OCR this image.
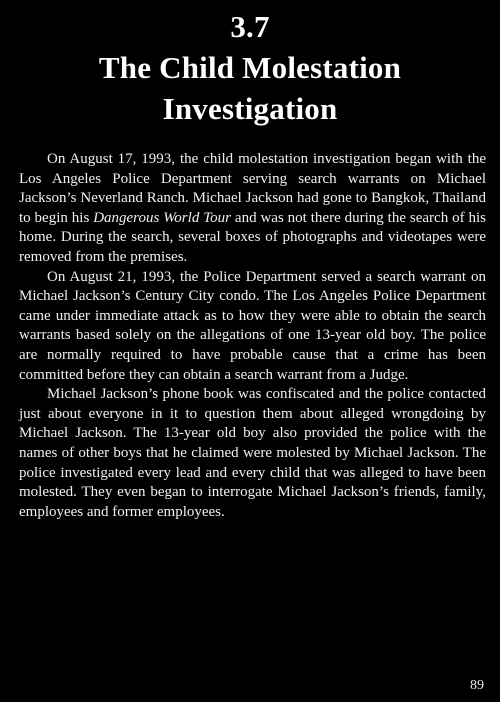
3.7
The Child Molestation
Investigation

On August 17, 1993, the child molestation investigation began with the Los Angeles Police Department serving search warrants on Michael Jackson’s Neverland Ranch. Michael Jackson had gone to Bangkok, Thailand to begin his Dangerous World Tour and was not there during the search of his home. During the search, several boxes of photographs and videotapes were removed from the premises.

On August 21, 1993, the Police Department served a search warrant on Michael Jackson’s Century City condo. The Los Angeles Police Department came under immediate attack as to how they were able to obtain the search warrants based solely on the allegations of one 13-year old boy. The police are normally required to have probable cause that a crime has been committed before they can obtain a search warrant from a Judge.

Michael Jackson’s phone book was confiscated and the police contacted just about everyone in it to question them about alleged wrongdoing by Michael Jackson. The 13-year old boy also provided the police with the names of other boys that he claimed were molested by Michael Jackson. The police investigated every lead and every child that was alleged to have been molested. They even began to interrogate Michael Jackson’s friends, family, employees and former employees.

89
